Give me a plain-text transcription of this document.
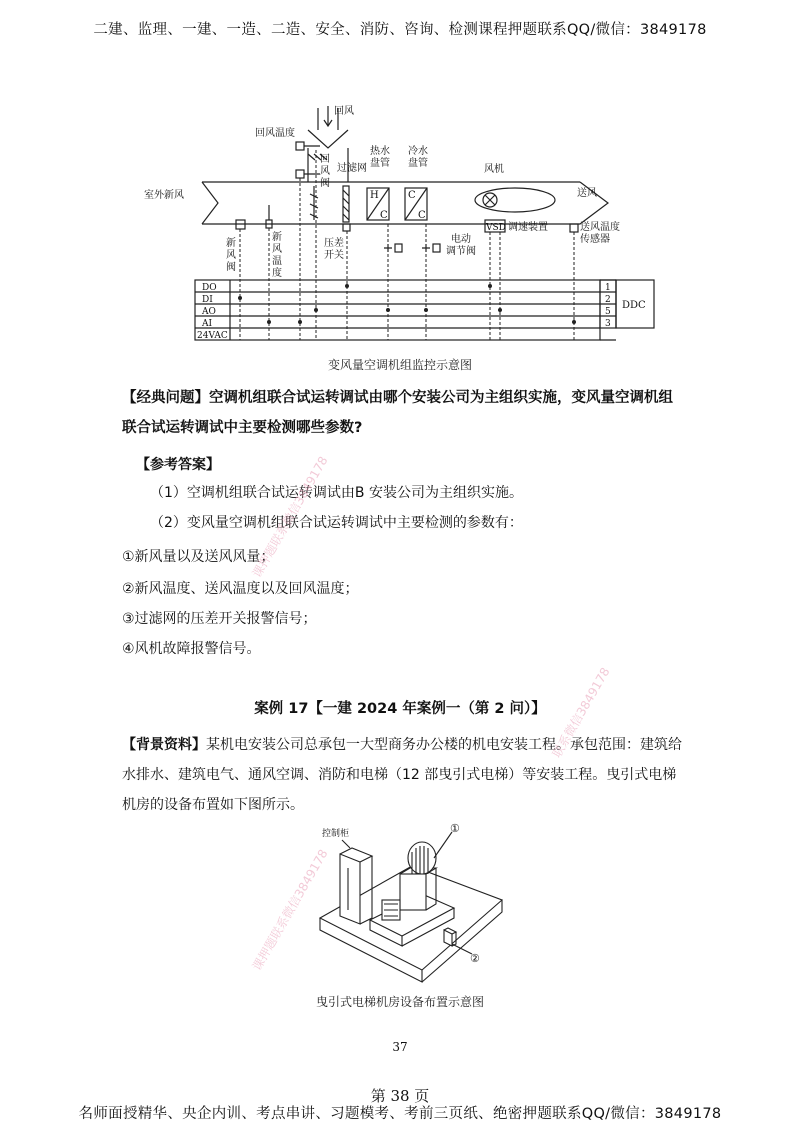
二建、监理、一建、一造、二造、安全、消防、咨询、检测课程押题联系QQ/微信：3849178
回风
回风温度
室外新风
过滤网
热水
盘管
冷水
盘管
H
C
C
C
风机
送风
VSD 调速装置	送风温度
传感器
压差
开关
电动
调节阀
回
风
阀
新
风
阀
新
风
温
度
DO
DI
AO
AI
24VAC
1
2
5
3
DDC
变风量空调机组监控示意图
【经典问题】空调机组联合试运转调试由哪个安装公司为主组织实施，变风量空调机组联合试运转调试中主要检测哪些参数?
【参考答案】
（1）空调机组联合试运转调试由B 安装公司为主组织实施。
（2）变风量空调机组联合试运转调试中主要检测的参数有：
①新风量以及送风风量；
②新风温度、送风温度以及回风温度；
③过滤网的压差开关报警信号；
④风机故障报警信号。
案例 17【一建 2024 年案例一（第 2 问）】
【背景资料】某机电安装公司总承包一大型商务办公楼的机电安装工程。承包范围：建筑给水排水、建筑电气、通风空调、消防和电梯（12 部曳引式电梯）等安装工程。曳引式电梯机房的设备布置如下图所示。
控制柜	①
②
曳引式电梯机房设备布置示意图
课押题联系微信3849178
联系微信3849178
课押题联系微信3849178
37
第 38 页
名师面授精华、央企内训、考点串讲、习题模考、考前三页纸、绝密押题联系QQ/微信：3849178
